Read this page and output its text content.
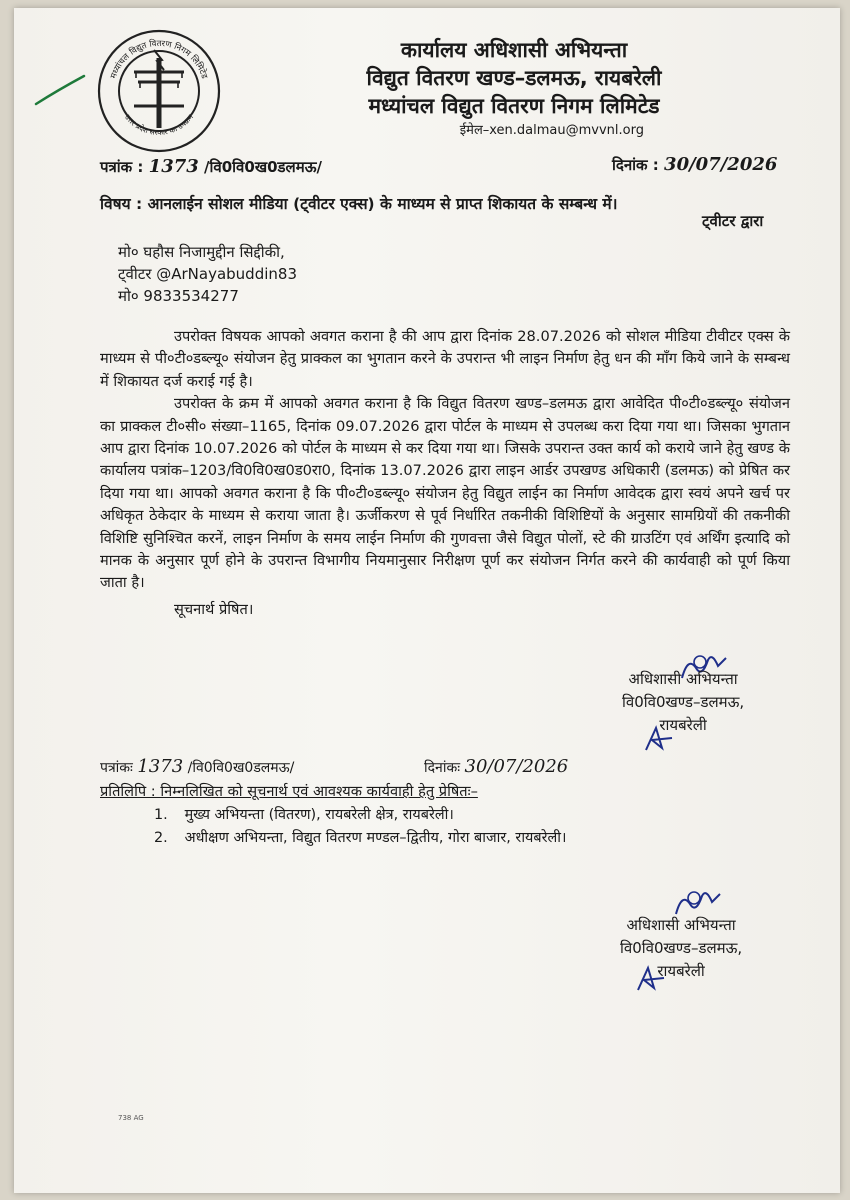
मध्यांचल विद्युत वितरण निगम लिमिटेड
उत्तर प्रदेश सरकार का उपक्रम
कार्यालय अधिशासी अभियन्ता
विद्युत वितरण खण्ड–डलमऊ, रायबरेली
मध्यांचल विद्युत वितरण निगम लिमिटेड
ईमेल–xen.dalmau@mvvnl.org
पत्रांक : 1373 /वि0वि0ख0डलमऊ/	दिनांक : 30/07/2026
विषय : आनलाईन सोशल मीडिया (ट्वीटर एक्स) के माध्यम से प्राप्त शिकायत के सम्बन्ध में।
ट्वीटर द्वारा
मो० घहौस निजामुद्दीन सिद्दीकी,
ट्वीटर @ArNayabuddin83
मो० 9833534277

उपरोक्त विषयक आपको अवगत कराना है की आप द्वारा दिनांक 28.07.2026 को सोशल मीडिया टीवीटर एक्स के माध्यम से पी०टी०डब्ल्यू० संयोजन हेतु प्राक्कल का भुगतान करने के उपरान्त भी लाइन निर्माण हेतु धन की माँग किये जाने के सम्बन्ध में शिकायत दर्ज कराई गई है।

उपरोक्त के क्रम में आपको अवगत कराना है कि विद्युत वितरण खण्ड–डलमऊ द्वारा आवेदित पी०टी०डब्ल्यू० संयोजन का प्राक्कल टी०सी० संख्या–1165, दिनांक 09.07.2026 द्वारा पोर्टल के माध्यम से उपलब्ध करा दिया गया था। जिसका भुगतान आप द्वारा दिनांक 10.07.2026 को पोर्टल के माध्यम से कर दिया गया था। जिसके उपरान्त उक्त कार्य को कराये जाने हेतु खण्ड के कार्यालय पत्रांक–1203/वि0वि0ख0ड0रा0, दिनांक 13.07.2026 द्वारा लाइन आर्डर उपखण्ड अधिकारी (डलमऊ) को प्रेषित कर दिया गया था। आपको अवगत कराना है कि पी०टी०डब्ल्यू० संयोजन हेतु विद्युत लाईन का निर्माण आवेदक द्वारा स्वयं अपने खर्च पर अधिकृत ठेकेदार के माध्यम से कराया जाता है। ऊर्जीकरण से पूर्व निर्धारित तकनीकी विशिष्टियों के अनुसार सामग्रियों की तकनीकी विशिष्टि सुनिश्चित करनें, लाइन निर्माण के समय लाईन निर्माण की गुणवत्ता जैसे विद्युत पोलों, स्टे की ग्राउटिंग एवं अर्थिंग इत्यादि को मानक के अनुसार पूर्ण होने के उपरान्त विभागीय नियमानुसार निरीक्षण पूर्ण कर संयोजन निर्गत करने की कार्यवाही को पूर्ण किया जाता है।

सूचनार्थ प्रेषित।

अधिशासी अभियन्ता
वि0वि0खण्ड–डलमऊ,
रायबरेली
पत्रांकः 1373 /वि0वि0ख0डलमऊ/	दिनांकः 30/07/2026
प्रतिलिपि : निम्नलिखित को सूचनार्थ एवं आवश्यक कार्यवाही हेतु प्रेषितः–
1. मुख्य अभियन्ता (वितरण), रायबरेली क्षेत्र, रायबरेली।
2. अधीक्षण अभियन्ता, विद्युत वितरण मण्डल–द्वितीय, गोरा बाजार, रायबरेली।
अधिशासी अभियन्ता
वि0वि0खण्ड–डलमऊ,
रायबरेली
738 AG
